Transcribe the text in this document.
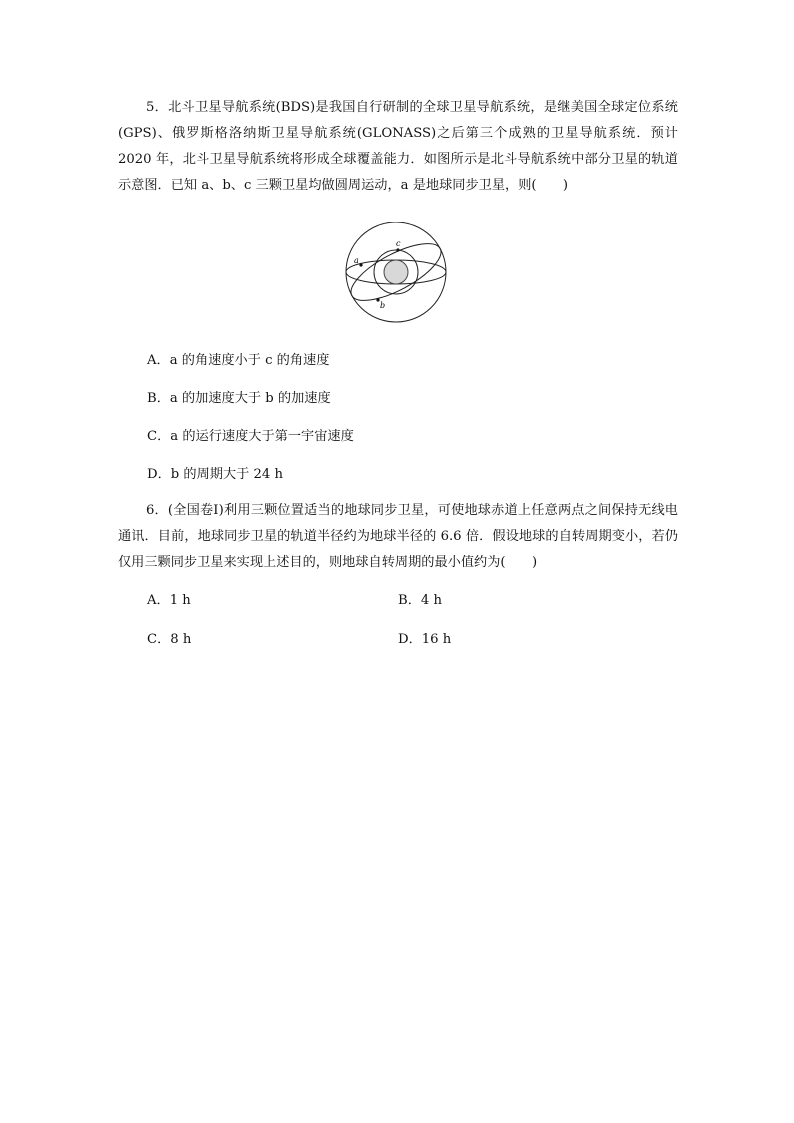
5．北斗卫星导航系统(BDS)是我国自行研制的全球卫星导航系统，是继美国全球定位系统(GPS)、俄罗斯格洛纳斯卫星导航系统(GLONASS)之后第三个成熟的卫星导航系统．预计 2020 年，北斗卫星导航系统将形成全球覆盖能力．如图所示是北斗导航系统中部分卫星的轨道示意图．已知 a、b、c 三颗卫星均做圆周运动，a 是地球同步卫星，则(　　)

a
c
b
A．a 的角速度小于 c 的角速度
B．a 的加速度大于 b 的加速度
C．a 的运行速度大于第一宇宙速度
D．b 的周期大于 24 h

6．(全国卷Ⅰ)利用三颗位置适当的地球同步卫星，可使地球赤道上任意两点之间保持无线电通讯．目前，地球同步卫星的轨道半径约为地球半径的 6.6 倍．假设地球的自转周期变小，若仍仅用三颗同步卫星来实现上述目的，则地球自转周期的最小值约为(　　)

A．1 h	B．4 h
C．8 h	D．16 h
